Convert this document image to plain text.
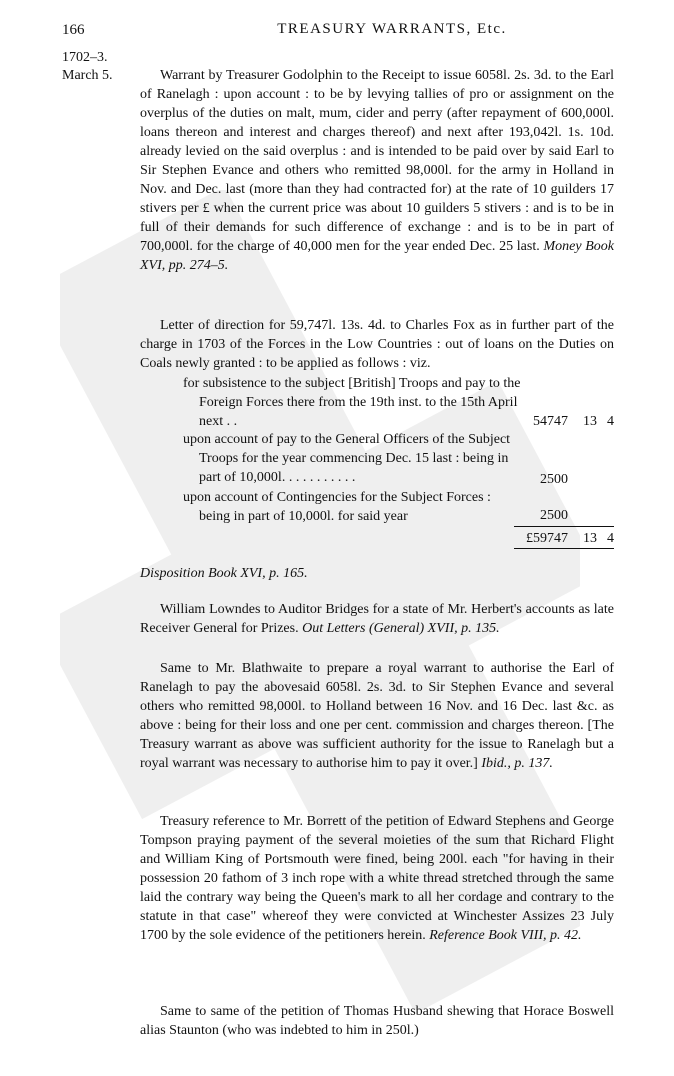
166	TREASURY WARRANTS, Etc.
1702–3.
March 5.	Warrant by Treasurer Godolphin to the Receipt to issue 6058l. 2s. 3d. to the Earl of Ranelagh : upon account : to be by levying tallies of pro or assignment on the overplus of the duties on malt, mum, cider and perry (after repayment of 600,000l. loans thereon and interest and charges thereof) and next after 193,042l. 1s. 10d. already levied on the said overplus : and is intended to be paid over by said Earl to Sir Stephen Evance and others who remitted 98,000l. for the army in Holland in Nov. and Dec. last (more than they had contracted for) at the rate of 10 guilders 17 stivers per £ when the current price was about 10 guilders 5 stivers : and is to be in full of their demands for such difference of exchange : and is to be in part of 700,000l. for the charge of 40,000 men for the year ended Dec. 25 last. Money Book XVI, pp. 274–5.
Letter of direction for 59,747l. 13s. 4d. to Charles Fox as in further part of the charge in 1703 of the Forces in the Low Countries : out of loans on the Duties on Coals newly granted : to be applied as follows : viz.
for subsistence to the subject [British] Troops and pay to the Foreign Forces there from the 19th inst. to the 15th April next . .	54747	13 4
upon account of pay to the General Officers of the Subject Troops for the year commencing Dec. 15 last : being in part of 10,000l. . . . . . . . . . .	2500
upon account of Contingencies for the Subject Forces : being in part of 10,000l. for said year	2500
£59747	13 4
Disposition Book XVI, p. 165.
William Lowndes to Auditor Bridges for a state of Mr. Herbert's accounts as late Receiver General for Prizes. Out Letters (General) XVII, p. 135.
Same to Mr. Blathwaite to prepare a royal warrant to authorise the Earl of Ranelagh to pay the abovesaid 6058l. 2s. 3d. to Sir Stephen Evance and several others who remitted 98,000l. to Holland between 16 Nov. and 16 Dec. last &c. as above : being for their loss and one per cent. commission and charges thereon. [The Treasury warrant as above was sufficient authority for the issue to Ranelagh but a royal warrant was necessary to authorise him to pay it over.] Ibid., p. 137.
Treasury reference to Mr. Borrett of the petition of Edward Stephens and George Tompson praying payment of the several moieties of the sum that Richard Flight and William King of Portsmouth were fined, being 200l. each "for having in their possession 20 fathom of 3 inch rope with a white thread stretched through the same laid the contrary way being the Queen's mark to all her cordage and contrary to the statute in that case" whereof they were convicted at Winchester Assizes 23 July 1700 by the sole evidence of the petitioners herein. Reference Book VIII, p. 42.
Same to same of the petition of Thomas Husband shewing that Horace Boswell alias Staunton (who was indebted to him in 250l.)
